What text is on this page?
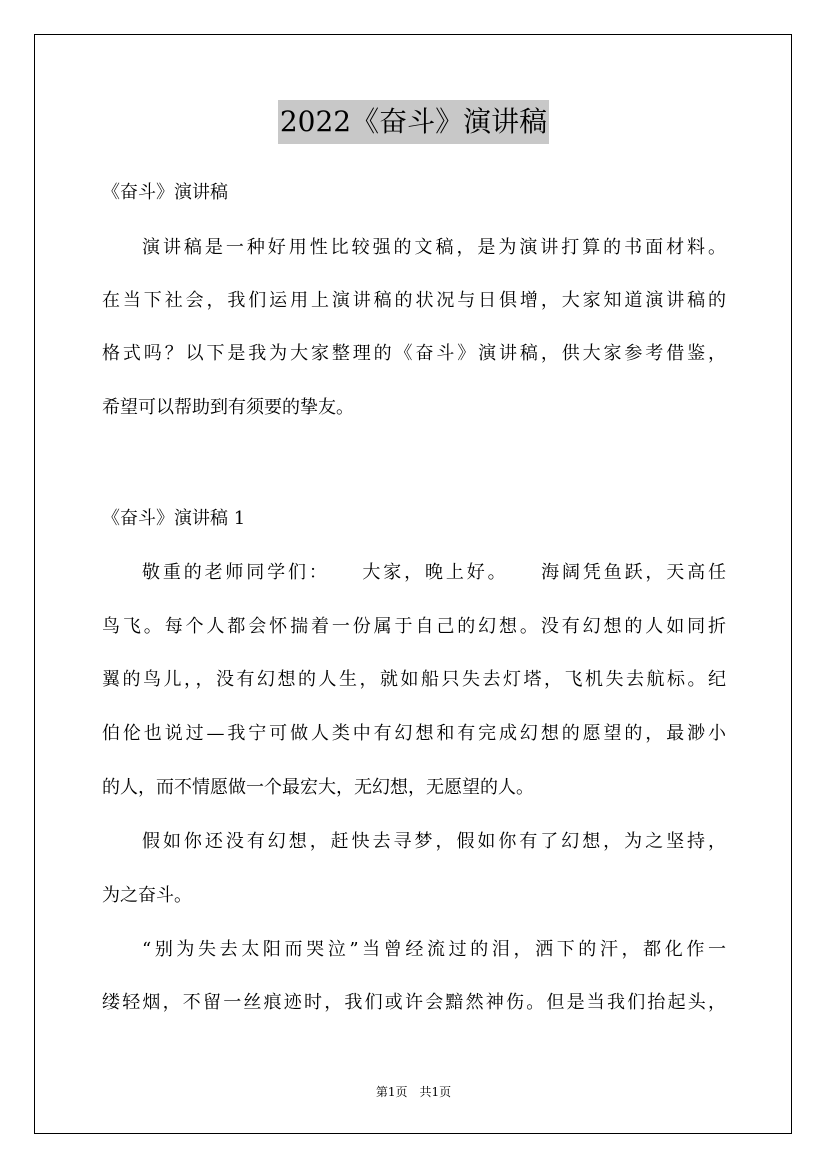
2022《奋斗》演讲稿
《奋斗》演讲稿
演讲稿是一种好用性比较强的文稿，是为演讲打算的书面材料。
在当下社会，我们运用上演讲稿的状况与日俱增，大家知道演讲稿的
格式吗？以下是我为大家整理的《奋斗》演讲稿，供大家参考借鉴，
希望可以帮助到有须要的挚友。
《奋斗》演讲稿 1
敬重的老师同学们：　　大家，晚上好。　　海阔凭鱼跃，天高任
鸟飞。每个人都会怀揣着一份属于自己的幻想。没有幻想的人如同折
翼的鸟儿，，没有幻想的人生，就如船只失去灯塔，飞机失去航标。纪
伯伦也说过—我宁可做人类中有幻想和有完成幻想的愿望的，最渺小
的人，而不情愿做一个最宏大，无幻想，无愿望的人。
假如你还没有幻想，赶快去寻梦，假如你有了幻想，为之坚持，
为之奋斗。
“别为失去太阳而哭泣”当曾经流过的泪，洒下的汗，都化作一
缕轻烟，不留一丝痕迹时，我们或许会黯然神伤。但是当我们抬起头，
第1页　共1页
